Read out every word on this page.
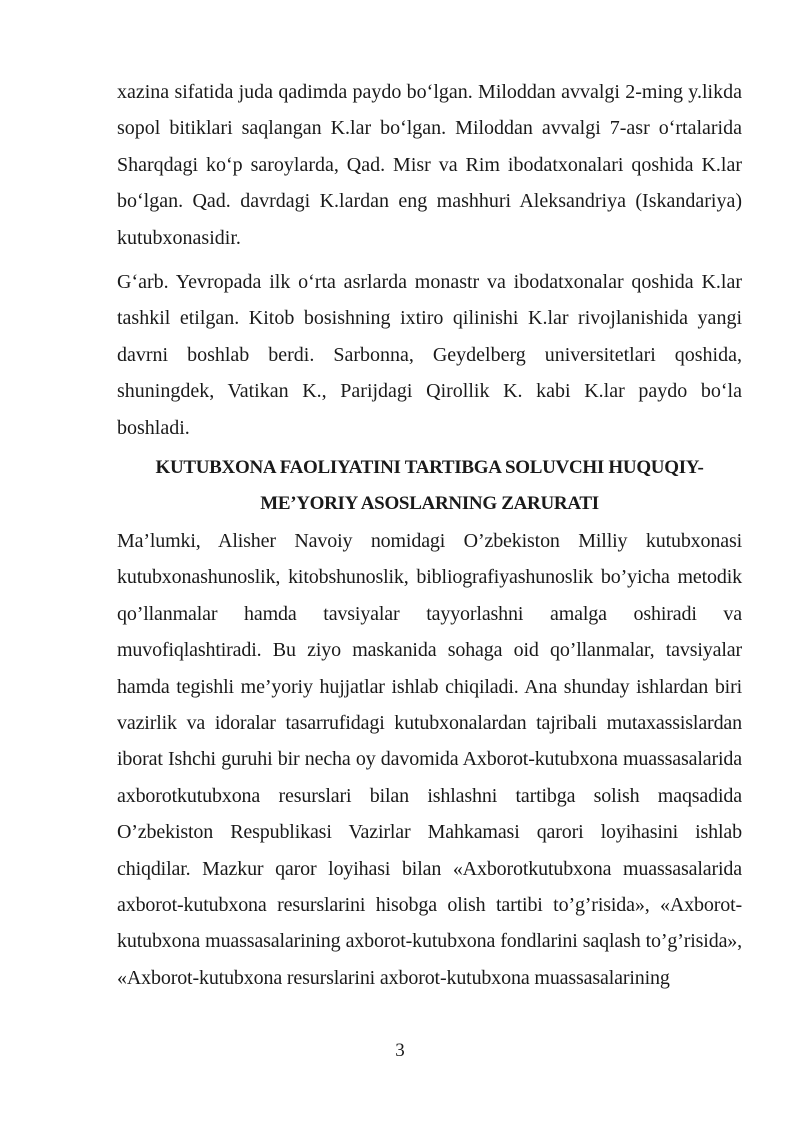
xazina sifatida juda qadimda paydo bo‘lgan. Miloddan avvalgi 2-ming y.likda sopol bitiklari saqlangan K.lar bo‘lgan. Miloddan avvalgi 7-asr o‘rtalarida Sharqdagi ko‘p saroylarda, Qad. Misr va Rim ibodatxonalari qoshida K.lar bo‘lgan. Qad. davrdagi K.lardan eng mashhuri Aleksandriya (Iskandariya) kutubxonasidir.

G‘arb. Yevropada ilk o‘rta asrlarda monastr va ibodatxonalar qoshida K.lar tashkil etilgan. Kitob bosishning ixtiro qilinishi K.lar rivojlanishida yangi davrni boshlab berdi. Sarbonna, Geydelberg universitetlari qoshida, shuningdek, Vatikan K., Parijdagi Qirollik K. kabi K.lar paydo bo‘la boshladi.

KUTUBXONA FAOLIYATINI TARTIBGA SOLUVCHI HUQUQIY-ME’YORIY ASOSLARNING ZARURATI

Ma’lumki, Alisher Navoiy nomidagi O’zbekiston Milliy kutubxonasi kutubxonashunoslik, kitobshunoslik, bibliografiyashunoslik bo’yicha metodik qo’llanmalar hamda tavsiyalar tayyorlashni amalga oshiradi va muvofiqlashtiradi. Bu ziyo maskanida sohaga oid qo’llanmalar, tavsiyalar hamda tegishli me’yoriy hujjatlar ishlab chiqiladi. Ana shunday ishlardan biri vazirlik va idoralar tasarrufidagi kutubxonalardan tajribali mutaxassislardan iborat Ishchi guruhi bir necha oy davomida Axborot-kutubxona muassasalarida axborotkutubxona resurslari bilan ishlashni tartibga solish maqsadida O’zbekiston Respublikasi Vazirlar Mahkamasi qarori loyihasini ishlab chiqdilar. Mazkur qaror loyihasi bilan «Axborotkutubxona muassasalarida axborot-kutubxona resurslarini hisobga olish tartibi to’g’risida», «Axborot-kutubxona muassasalarining axborot-kutubxona fondlarini saqlash to’g’risida», «Axborot-kutubxona resurslarini axborot-kutubxona muassasalarining

3
